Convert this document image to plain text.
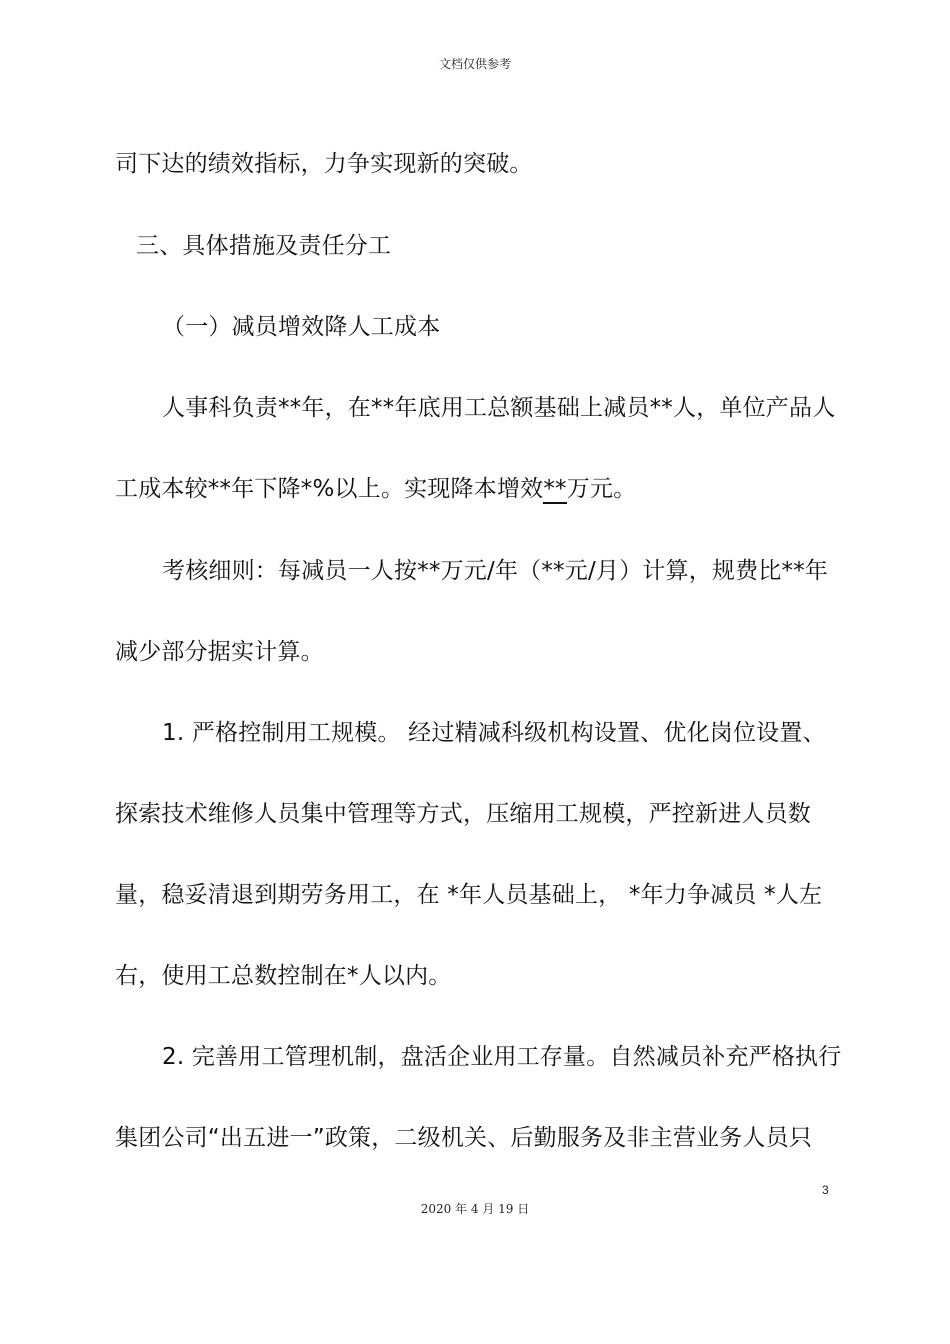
文档仅供参考
司下达的绩效指标，力争实现新的突破。
三、具体措施及责任分工
（一）减员增效降人工成本
人事科负责**年，在**年底用工总额基础上减员**人，单位产品人
工成本较**年下降*%以上。实现降本增效**万元。
考核细则：每减员一人按**万元/年（**元/月）计算，规费比**年
减少部分据实计算。
1. 严格控制用工规模。 经过精减科级机构设置、优化岗位设置、
探索技术维修人员集中管理等方式，压缩用工规模，严控新进人员数
量，稳妥清退到期劳务用工，在 *年人员基础上， *年力争减员 *人左
右，使用工总数控制在*人以内。
2. 完善用工管理机制，盘活企业用工存量。自然减员补充严格执行
集团公司“出五进一”政策，二级机关、后勤服务及非主营业务人员只
3
2020 年 4 月 19 日
